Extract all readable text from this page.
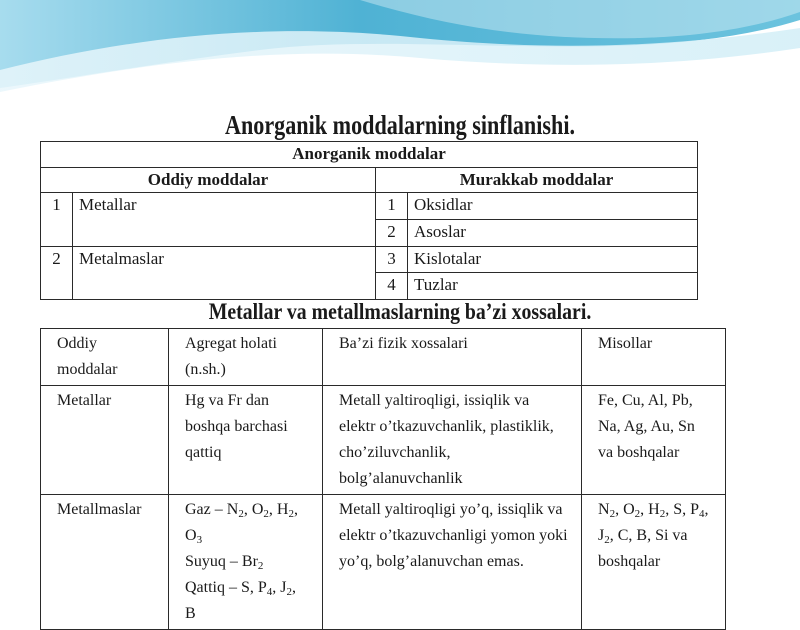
Anorganik moddalarning sinflanishi.
Anorganik moddalar			
Oddiy moddalar		Murakkab moddalar	
1	Metallar	1	Oksidlar
		2	Asoslar
2	Metalmaslar	3	Kislotalar
		4	Tuzlar
Metallar va metallmaslarning ba’zi xossalari.
Oddiy moddalar	Agregat holati (n.sh.)	Ba’zi fizik xossalari	Misollar
Metallar	Hg va Fr dan boshqa barchasi qattiq	Metall yaltiroqligi, issiqlik va elektr o’tkazuvchanlik, plastiklik, cho’ziluvchanlik, bolg’alanuvchanlik	Fe, Cu, Al, Pb, Na, Ag, Au, Sn va boshqalar
Metallmaslar	Gaz – $N_2$, $O_2$, $H_2$, $O_3$
Suyuq – $Br_2$
Qattiq – S, $P_4$, $J_2$, B	Metall yaltiroqligi yo’q, issiqlik va elektr o’tkazuvchanligi yomon yoki yo’q, bolg’alanuvchan emas.	$N_2$, $O_2$, $H_2$, S, $P_4$, $J_2$, C, B, Si va boshqalar
